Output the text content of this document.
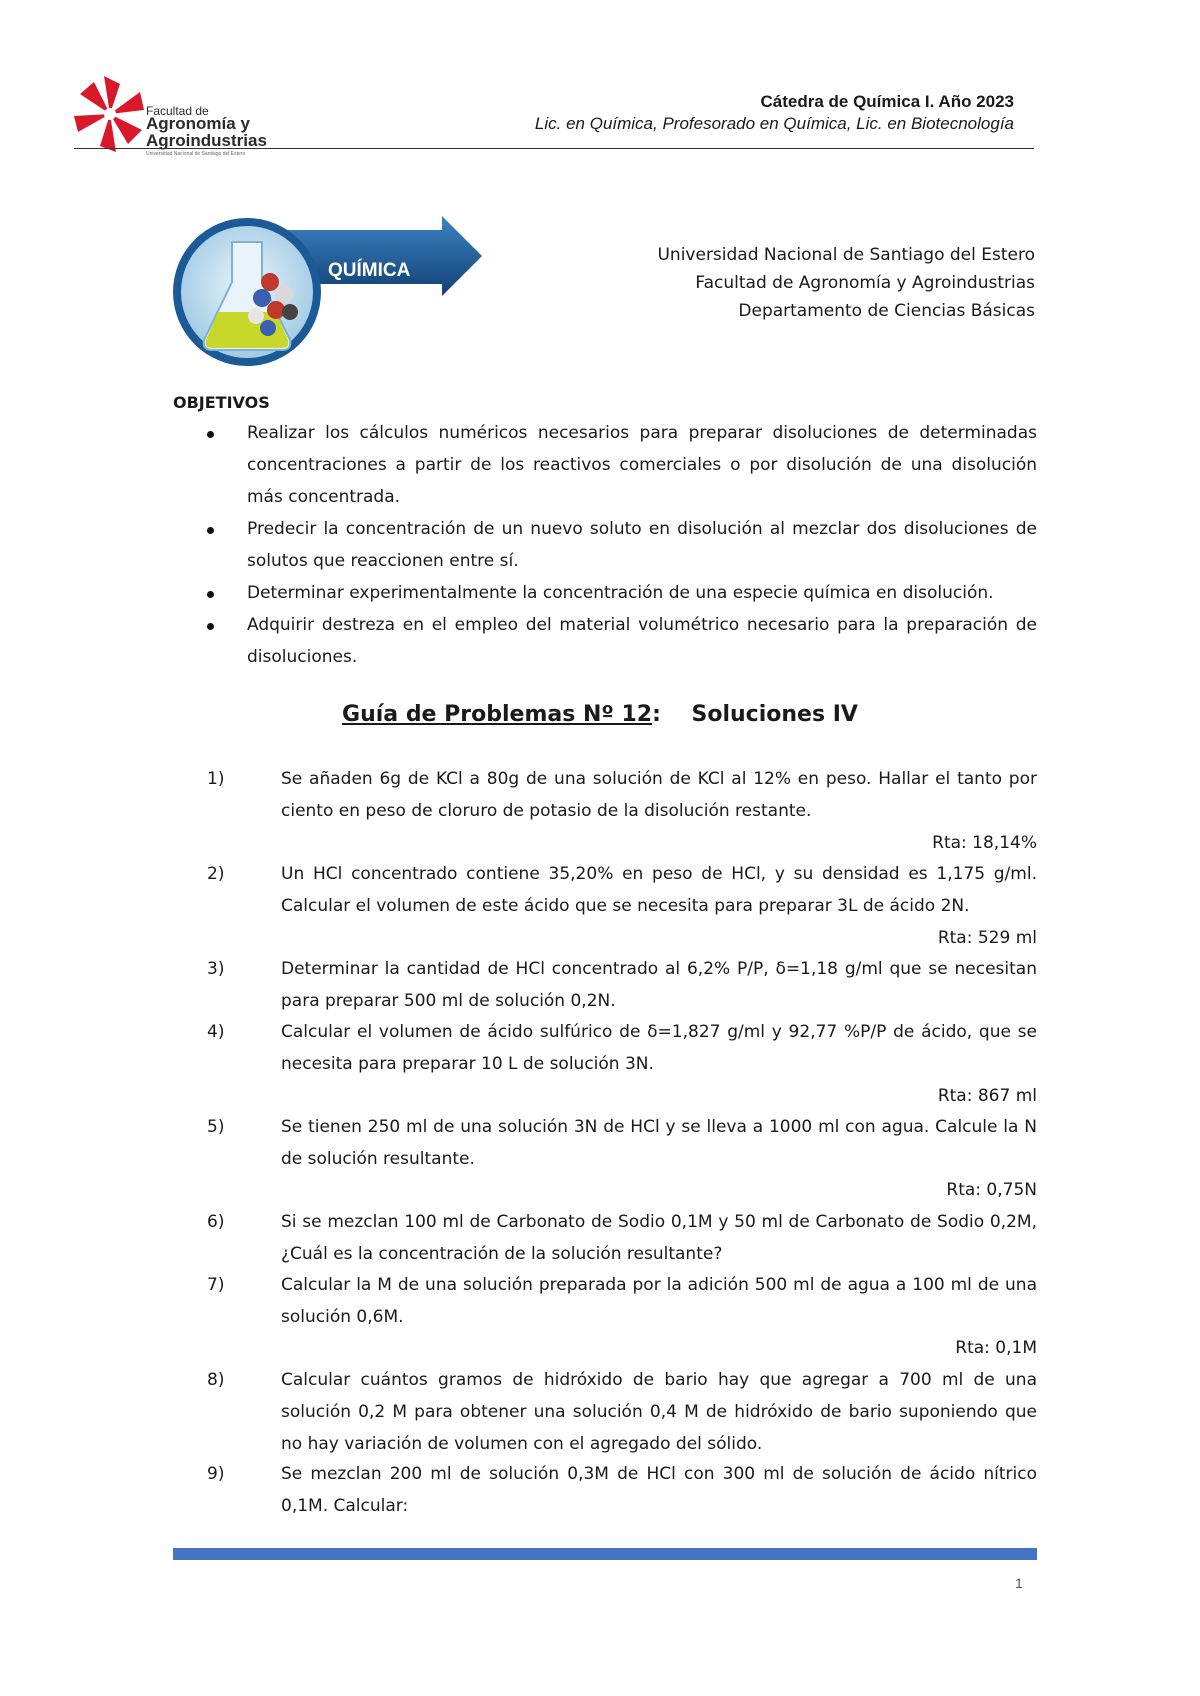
Facultad de
Agronomía y
Agroindustrias
Universidad Nacional de Santiago del Estero
Cátedra de Química I. Año 2023
Lic. en Química, Profesorado en Química, Lic. en Biotecnología
QUÍMICA
Universidad Nacional de Santiago del Estero
Facultad de Agronomía y Agroindustrias
Departamento de Ciencias Básicas
OBJETIVOS
Realizar los cálculos numéricos necesarios para preparar disoluciones de determinadas concentraciones a partir de los reactivos comerciales o por disolución de una disolución más concentrada.
Predecir la concentración de un nuevo soluto en disolución al mezclar dos disoluciones de solutos que reaccionen entre sí.
Determinar experimentalmente la concentración de una especie química en disolución.
Adquirir destreza en el empleo del material volumétrico necesario para la preparación de disoluciones.
Guía de Problemas Nº 12: Soluciones IV
1)	Se añaden 6g de KCl a 80g de una solución de KCl al 12% en peso. Hallar el tanto por ciento en peso de cloruro de potasio de la disolución restante.
Rta: 18,14%
2)	Un HCl concentrado contiene 35,20% en peso de HCl, y su densidad es 1,175 g/ml. Calcular el volumen de este ácido que se necesita para preparar 3L de ácido 2N.
Rta: 529 ml
3)	Determinar la cantidad de HCl concentrado al 6,2% P/P, δ=1,18 g/ml que se necesitan para preparar 500 ml de solución 0,2N.
4)	Calcular el volumen de ácido sulfúrico de δ=1,827 g/ml y 92,77 %P/P de ácido, que se necesita para preparar 10 L de solución 3N.
Rta: 867 ml
5)	Se tienen 250 ml de una solución 3N de HCl y se lleva a 1000 ml con agua. Calcule la N de solución resultante.
Rta: 0,75N
6)	Si se mezclan 100 ml de Carbonato de Sodio 0,1M y 50 ml de Carbonato de Sodio 0,2M, ¿Cuál es la concentración de la solución resultante?
7)	Calcular la M de una solución preparada por la adición 500 ml de agua a 100 ml de una solución 0,6M.
Rta: 0,1M
8)	Calcular cuántos gramos de hidróxido de bario hay que agregar a 700 ml de una solución 0,2 M para obtener una solución 0,4 M de hidróxido de bario suponiendo que no hay variación de volumen con el agregado del sólido.
9)	Se mezclan 200 ml de solución 0,3M de HCl con 300 ml de solución de ácido nítrico 0,1M. Calcular:
1
